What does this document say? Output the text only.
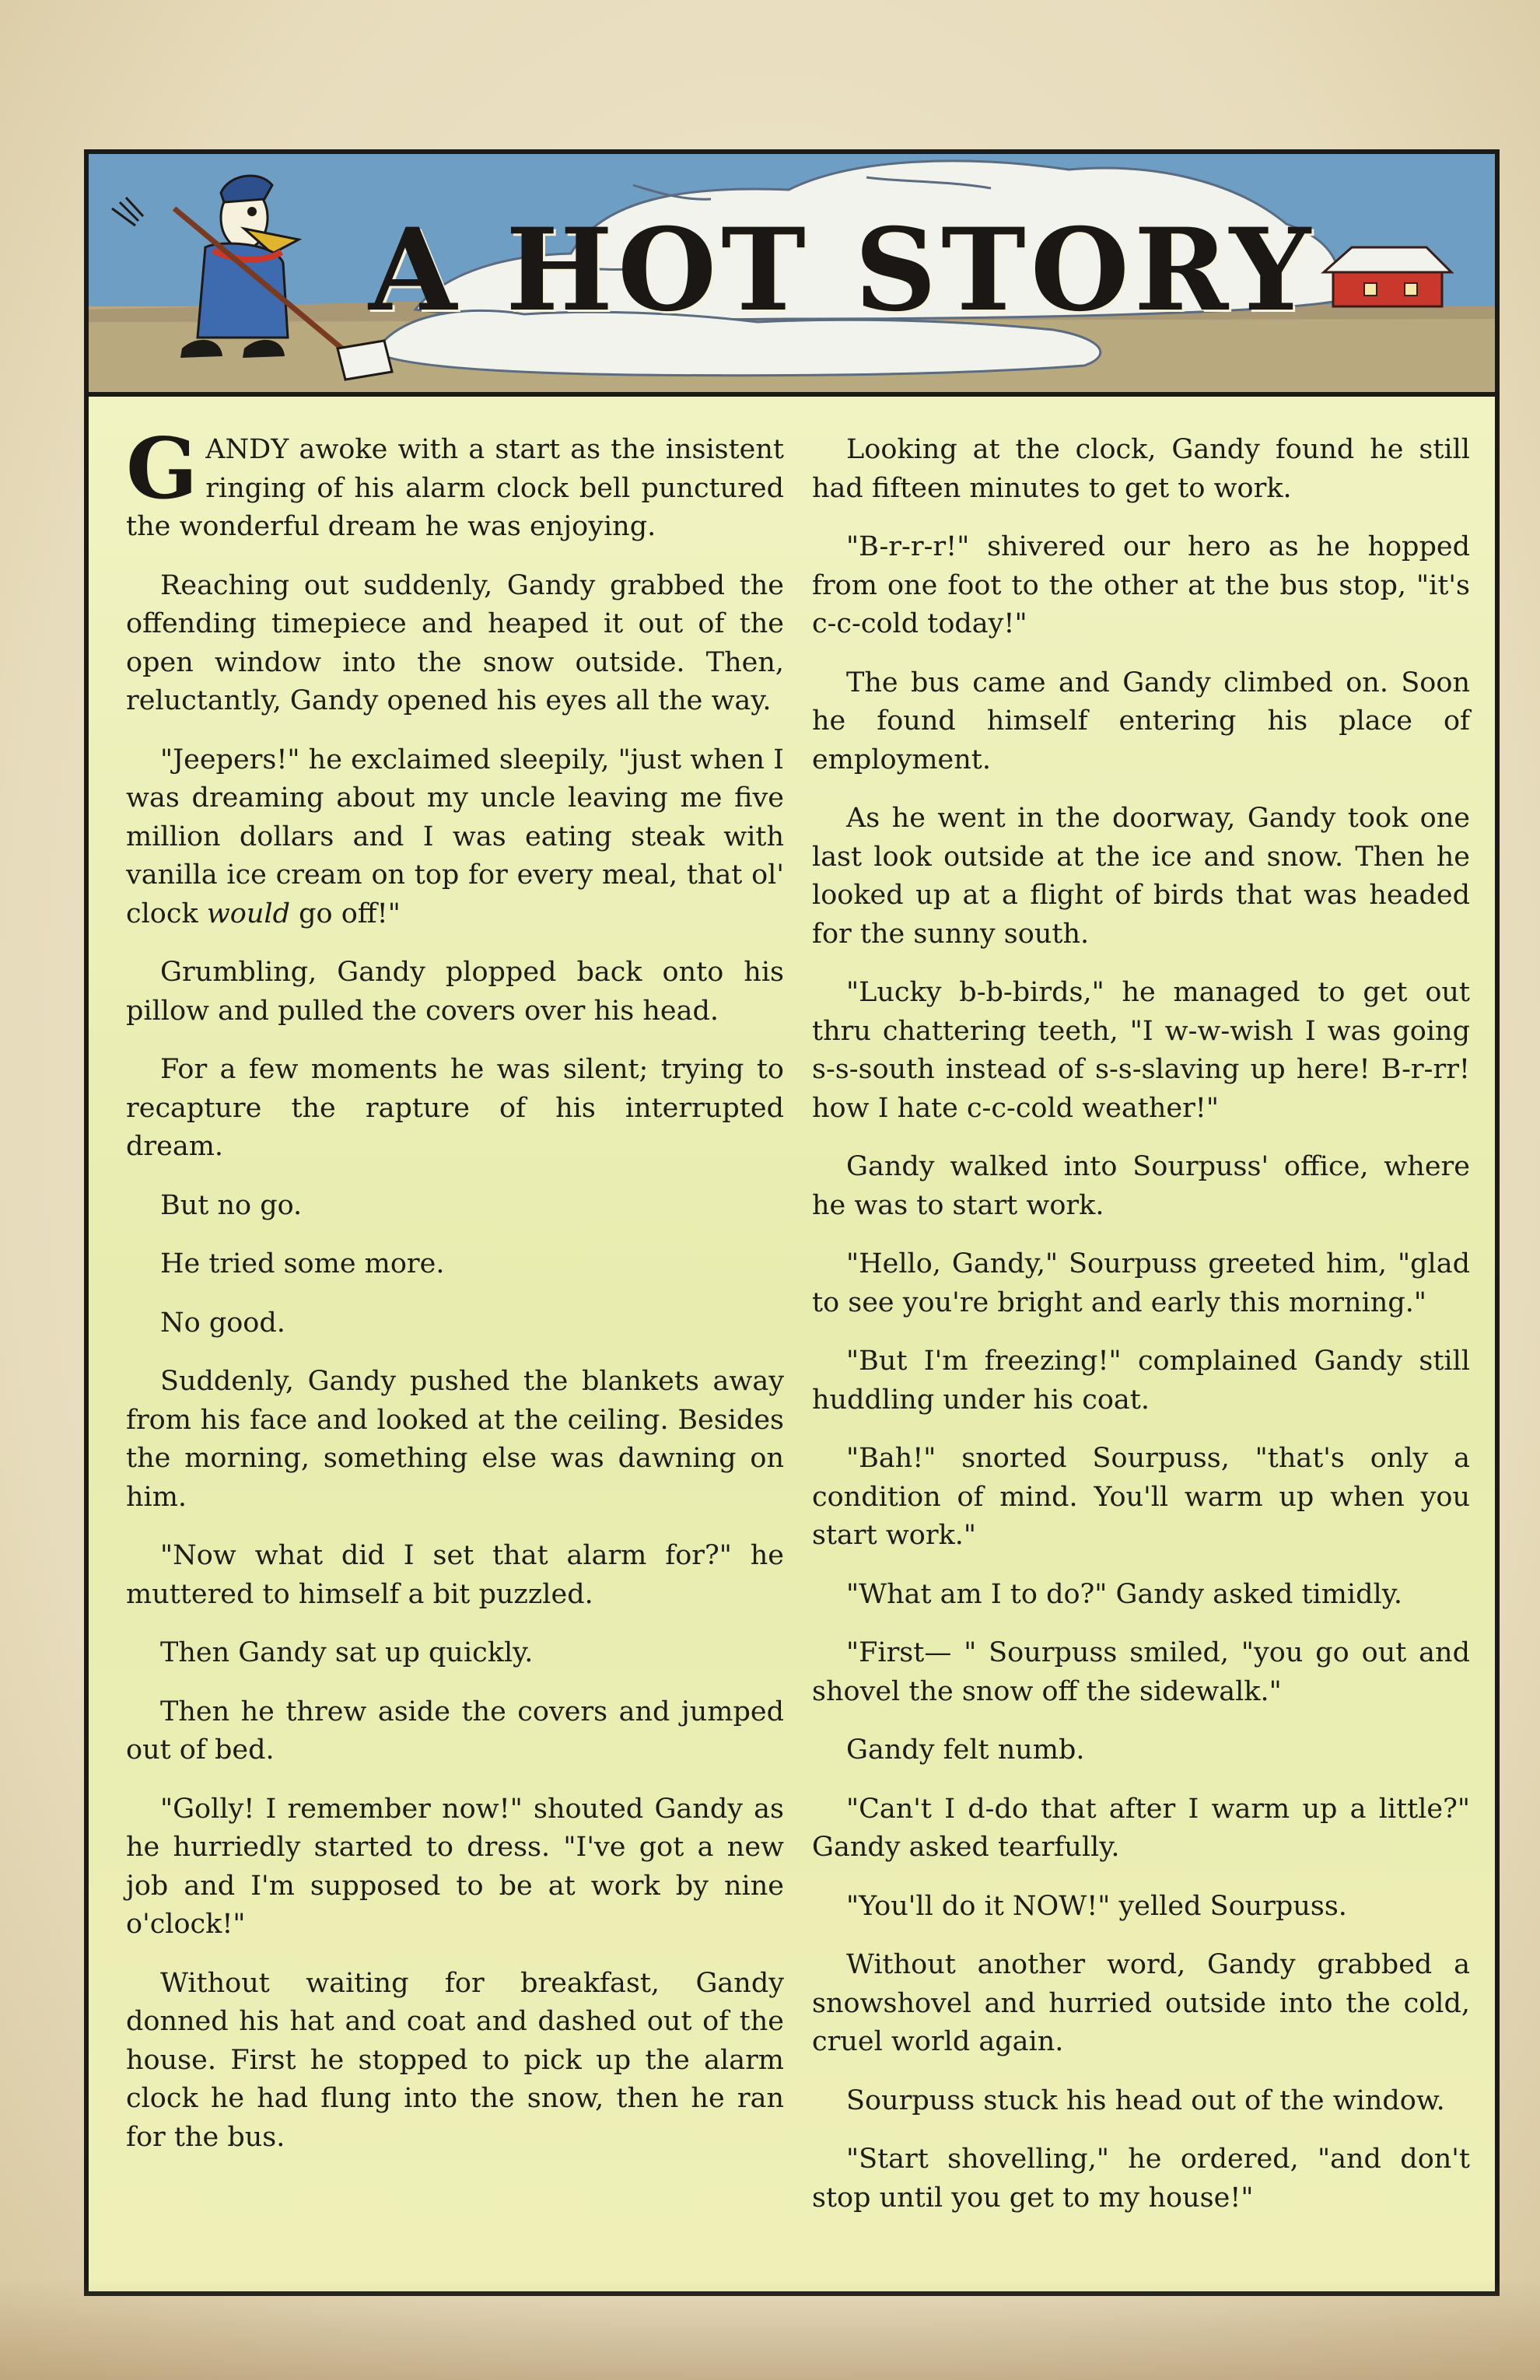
A HOT STORY

GANDY awoke with a start as the insistent ringing of his alarm clock bell punctured the wonderful dream he was enjoying.

Reaching out suddenly, Gandy grabbed the offending timepiece and heaped it out of the open window into the snow outside. Then, reluctantly, Gandy opened his eyes all the way.

"Jeepers!" he exclaimed sleepily, "just when I was dreaming about my uncle leaving me five million dollars and I was eating steak with vanilla ice cream on top for every meal, that ol' clock would go off!"

Grumbling, Gandy plopped back onto his pillow and pulled the covers over his head.

For a few moments he was silent; trying to recapture the rapture of his interrupted dream.

But no go.

He tried some more.

No good.

Suddenly, Gandy pushed the blankets away from his face and looked at the ceiling. Besides the morning, something else was dawning on him.

"Now what did I set that alarm for?" he muttered to himself a bit puzzled.

Then Gandy sat up quickly.

Then he threw aside the covers and jumped out of bed.

"Golly! I remember now!" shouted Gandy as he hurriedly started to dress. "I've got a new job and I'm supposed to be at work by nine o'clock!"

Without waiting for breakfast, Gandy donned his hat and coat and dashed out of the house. First he stopped to pick up the alarm clock he had flung into the snow, then he ran for the bus.

Looking at the clock, Gandy found he still had fifteen minutes to get to work.

"B-r-r-r!" shivered our hero as he hopped from one foot to the other at the bus stop, "it's c-c-cold today!"

The bus came and Gandy climbed on. Soon he found himself entering his place of employment.

As he went in the doorway, Gandy took one last look outside at the ice and snow. Then he looked up at a flight of birds that was headed for the sunny south.

"Lucky b-b-birds," he managed to get out thru chattering teeth, "I w-w-wish I was going s-s-south instead of s-s-slaving up here! B-r-rr! how I hate c-c-cold weather!"

Gandy walked into Sourpuss' office, where he was to start work.

"Hello, Gandy," Sourpuss greeted him, "glad to see you're bright and early this morning."

"But I'm freezing!" complained Gandy still huddling under his coat.

"Bah!" snorted Sourpuss, "that's only a condition of mind. You'll warm up when you start work."

"What am I to do?" Gandy asked timidly.

"First— " Sourpuss smiled, "you go out and shovel the snow off the sidewalk."

Gandy felt numb.

"Can't I d-do that after I warm up a little?" Gandy asked tearfully.

"You'll do it NOW!" yelled Sourpuss.

Without another word, Gandy grabbed a snowshovel and hurried outside into the cold, cruel world again.

Sourpuss stuck his head out of the window.

"Start shovelling," he ordered, "and don't stop until you get to my house!"
